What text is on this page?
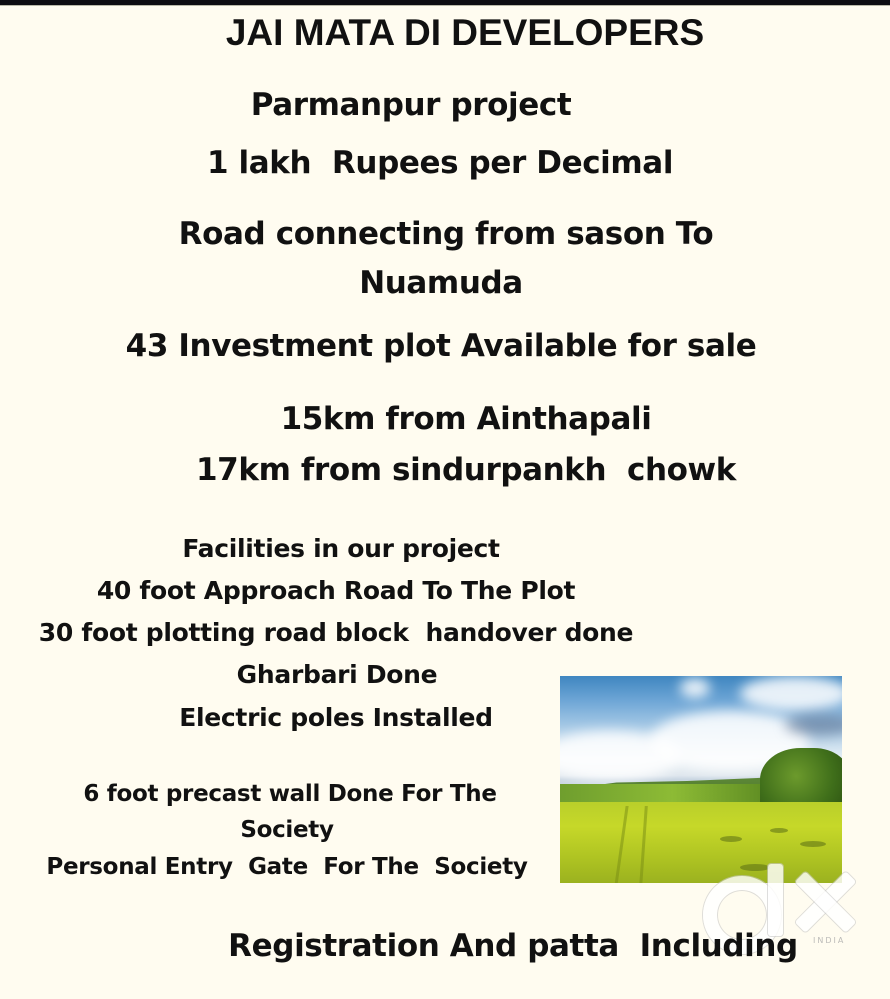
JAI MATA DI DEVELOPERS
Parmanpur project
1 lakh  Rupees per Decimal
Road connecting from sason To
Nuamuda
43 Investment plot Available for sale
15km from Ainthapali
17km from sindurpankh  chowk
Facilities in our project
40 foot Approach Road To The Plot
30 foot plotting road block  handover done
Gharbari Done
Electric poles Installed
6 foot precast wall Done For The
Society
Personal Entry  Gate  For The  Society
INDIA
Registration And patta  Including
